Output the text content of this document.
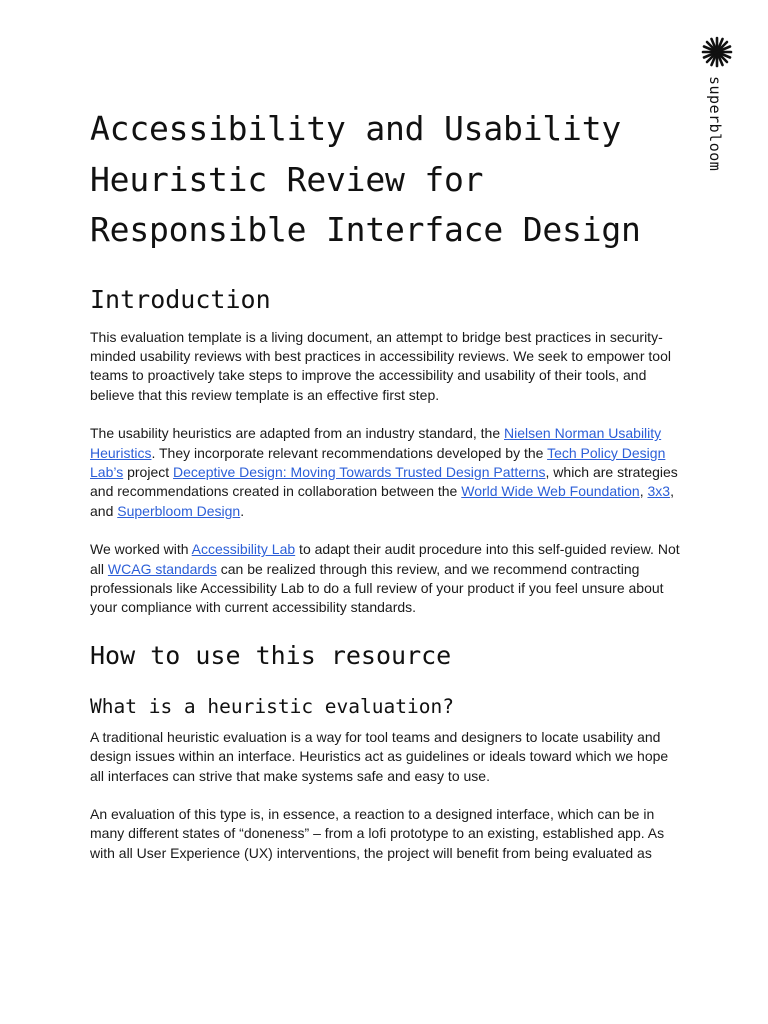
superbloom
Accessibility and Usability Heuristic Review for Responsible Interface Design
Introduction

This evaluation template is a living document, an attempt to bridge best practices in security-minded usability reviews with best practices in accessibility reviews. We seek to empower tool teams to proactively take steps to improve the accessibility and usability of their tools, and believe that this review template is an effective first step.

The usability heuristics are adapted from an industry standard, the Nielsen Norman Usability Heuristics. They incorporate relevant recommendations developed by the Tech Policy Design Lab’s project Deceptive Design: Moving Towards Trusted Design Patterns, which are strategies and recommendations created in collaboration between the World Wide Web Foundation, 3x3, and Superbloom Design.

We worked with Accessibility Lab to adapt their audit procedure into this self-guided review. Not all WCAG standards can be realized through this review, and we recommend contracting professionals like Accessibility Lab to do a full review of your product if you feel unsure about your compliance with current accessibility standards.

How to use this resource
What is a heuristic evaluation?

A traditional heuristic evaluation is a way for tool teams and designers to locate usability and design issues within an interface. Heuristics act as guidelines or ideals toward which we hope all interfaces can strive that make systems safe and easy to use.

An evaluation of this type is, in essence, a reaction to a designed interface, which can be in many different states of “doneness” – from a lofi prototype to an existing, established app. As with all User Experience (UX) interventions, the project will benefit from being evaluated as
